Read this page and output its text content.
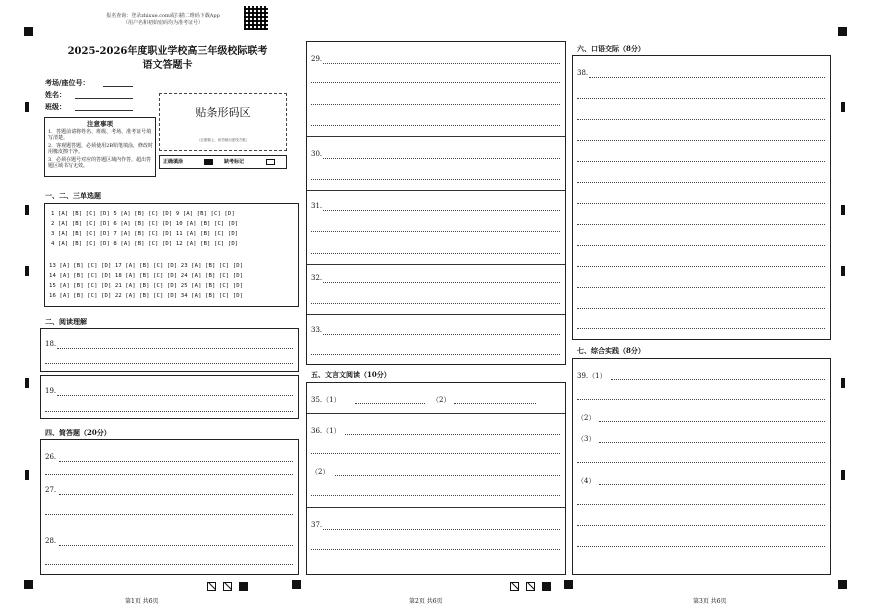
报名查询：登录zhixue.com或扫描二维码下载App
（用户名和初始密码均为准考证号）
2025-2026年度职业学校高三年级校际联考
语文答题卡
考场/座位号：
姓名：
班级：	贴条形码区
（正面朝上，切勿贴出虚线方框）
注意事项
1．答题前请将姓名、班级、考场、准考证号填写清楚。
2．客观题答题，必须使用2B铅笔填涂，修改时用橡皮擦干净。
3．必须在题号对应的答题区域内作答，超出答题区域书写无效。
正确填涂	缺考标记
一、二、三单选题
1 [A] [B] [C] [D] 5 [A] [B] [C] [D] 9 [A] [B] [C] [D]
2 [A] [B] [C] [D] 6 [A] [B] [C] [D] 10 [A] [B] [C] [D]
3 [A] [B] [C] [D] 7 [A] [B] [C] [D] 11 [A] [B] [C] [D]
4 [A] [B] [C] [D] 8 [A] [B] [C] [D] 12 [A] [B] [C] [D]
13 [A] [B] [C] [D] 17 [A] [B] [C] [D] 23 [A] [B] [C] [D]
14 [A] [B] [C] [D] 18 [A] [B] [C] [D] 24 [A] [B] [C] [D]
15 [A] [B] [C] [D] 21 [A] [B] [C] [D] 25 [A] [B] [C] [D]
16 [A] [B] [C] [D] 22 [A] [B] [C] [D] 34 [A] [B] [C] [D]
二、阅读理解
18.
19.
四、简答题（20分）
26.
27.
28.
第1页 共6页
29.
30.
31.
32.
33.
五、文言文阅读（10分）
35.（1）	（2）
36.（1）
（2）
37.
第2页 共6页
六、口语交际（8分）
38.
七、综合实践（8分）
39.（1）
（2）
（3）
（4）
第3页 共6页
